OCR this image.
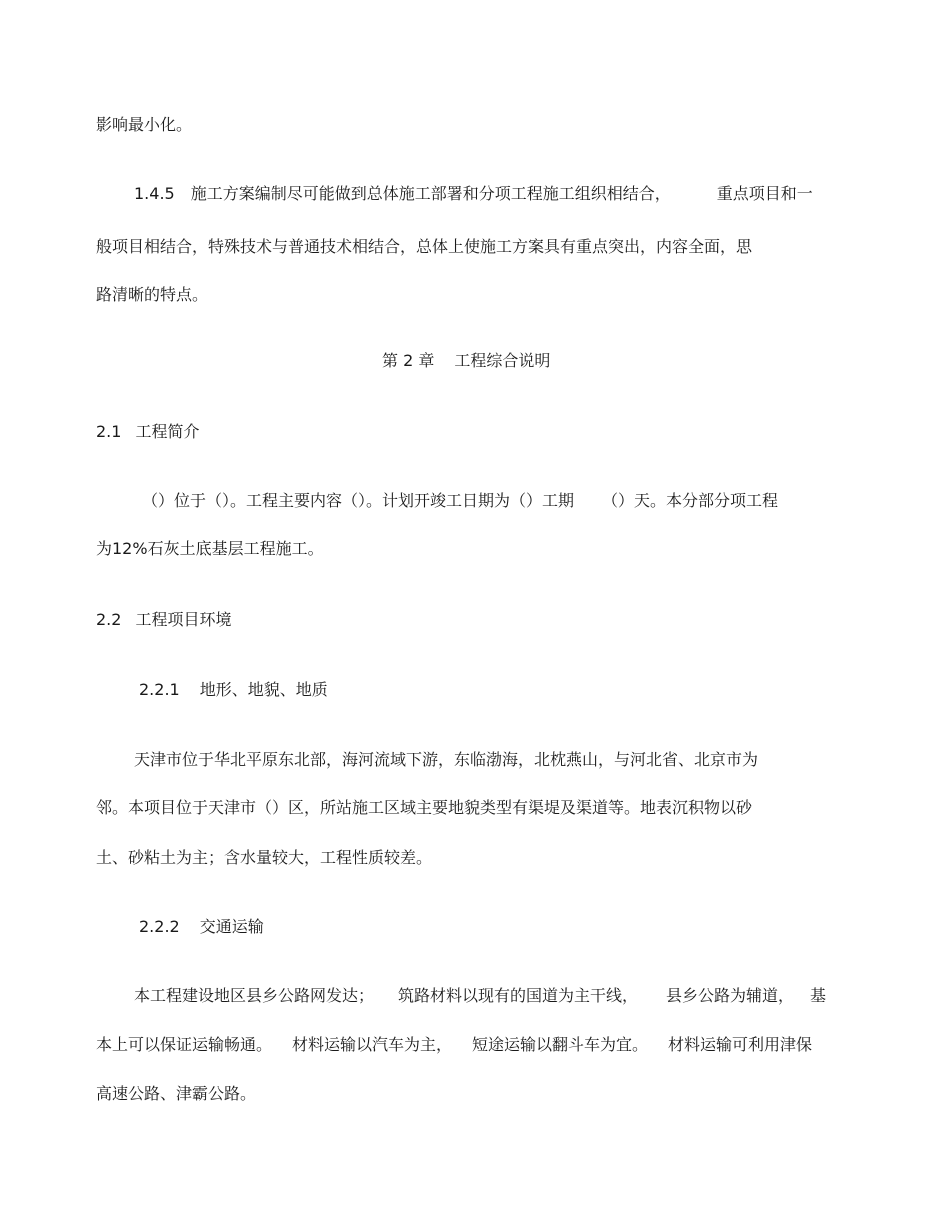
影响最小化。

1.4.5 施工方案编制尽可能做到总体施工部署和分项工程施工组织相结合，	重点项目和一

般项目相结合，特殊技术与普通技术相结合，总体上使施工方案具有重点突出，内容全面，思

路清晰的特点。

第 2 章 工程综合说明

2.1 工程简介

（）位于（）。工程主要内容（）。计划开竣工日期为（）工期 （）天。本分部分项工程

为12%石灰土底基层工程施工。

2.2 工程项目环境

2.2.1 地形、地貌、地质

天津市位于华北平原东北部，海河流域下游，东临渤海，北枕燕山，与河北省、北京市为

邻。本项目位于天津市（）区，所站施工区域主要地貌类型有渠堤及渠道等。地表沉积物以砂

土、砂粘土为主；含水量较大，工程性质较差。

2.2.2 交通运输

本工程建设地区县乡公路网发达； 筑路材料以现有的国道为主干线， 县乡公路为辅道， 基

本上可以保证运输畅通。 材料运输以汽车为主， 短途运输以翻斗车为宜。 材料运输可利用津保

高速公路、津霸公路。
